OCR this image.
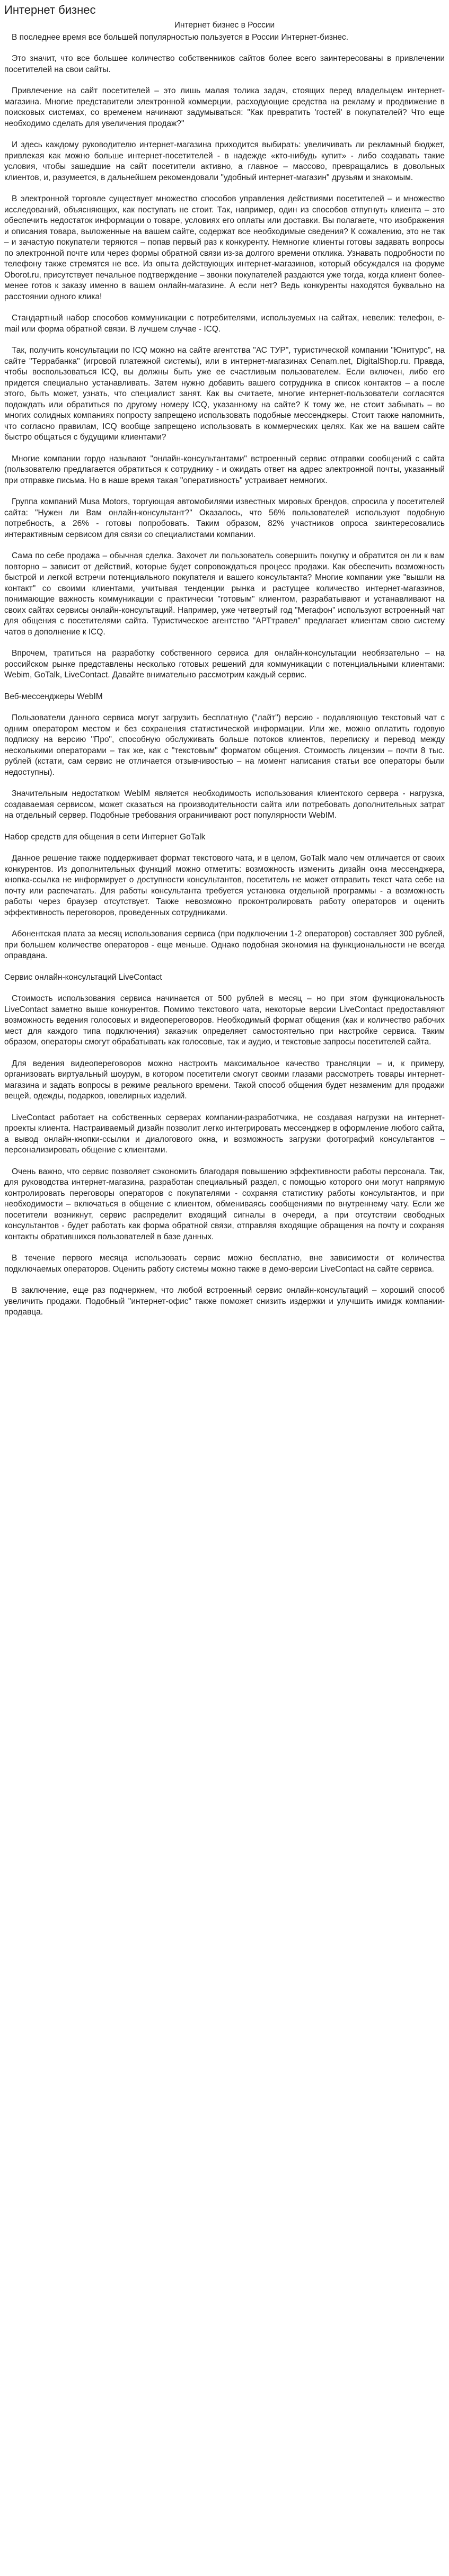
Интернет бизнес
Интернет бизнес в России

В последнее время все большей популярностью пользуется в России Интернет-бизнес.

Это значит, что все большее количество собственников сайтов более всего заинтересованы в привлечении посетителей на свои сайты.

Привлечение на сайт посетителей – это лишь малая толика задач, стоящих перед владельцем интернет-магазина. Многие представители электронной коммерции, расходующие средства на рекламу и продвижение в поисковых системах, со временем начинают задумываться: "Как превратить 'гостей' в покупателей? Что еще необходимо сделать для увеличения продаж?"

И здесь каждому руководителю интернет-магазина приходится выбирать: увеличивать ли рекламный бюджет, привлекая как можно больше интернет-посетителей - в надежде «кто-нибудь купит» - либо создавать такие условия, чтобы зашедшие на сайт посетители активно, а главное – массово, превращались в довольных клиентов, и, разумеется, в дальнейшем рекомендовали "удобный интернет-магазин" друзьям и знакомым.

В электронной торговле существует множество способов управления действиями посетителей – и множество исследований, объясняющих, как поступать не стоит. Так, например, один из способов отпугнуть клиента – это обеспечить недостаток информации о товаре, условиях его оплаты или доставки. Вы полагаете, что изображения и описания товара, выложенные на вашем сайте, содержат все необходимые сведения? К сожалению, это не так – и зачастую покупатели теряются – попав первый раз к конкуренту. Немногие клиенты готовы задавать вопросы по электронной почте или через формы обратной связи из-за долгого времени отклика. Узнавать подробности по телефону также стремятся не все. Из опыта действующих интернет-магазинов, который обсуждался на форуме Oborot.ru, присутствует печальное подтверждение – звонки покупателей раздаются уже тогда, когда клиент более-менее готов к заказу именно в вашем онлайн-магазине. А если нет? Ведь конкуренты находятся буквально на расстоянии одного клика!

Стандартный набор способов коммуникации с потребителями, используемых на сайтах, невелик: телефон, e-mail или форма обратной связи. В лучшем случае - ICQ.

Так, получить консультации по ICQ можно на сайте агентства "АС ТУР", туристической компании "Юнитурс", на сайте "Террабанка" (игровой платежной системы), или в интернет-магазинах Cenam.net, DigitalShop.ru. Правда, чтобы воспользоваться ICQ, вы должны быть уже ее счастливым пользователем. Если включен, либо его придется специально устанавливать. Затем нужно добавить вашего сотрудника в список контактов – а после этого, быть может, узнать, что специалист занят. Как вы считаете, многие интернет-пользователи согласятся подождать или обратиться по другому номеру ICQ, указанному на сайте? К тому же, не стоит забывать – во многих солидных компаниях попросту запрещено использовать подобные мессенджеры. Стоит также напомнить, что согласно правилам, ICQ вообще запрещено использовать в коммерческих целях. Как же на вашем сайте быстро общаться с будущими клиентами?

Многие компании гордо называют "онлайн-консультантами" встроенный сервис отправки сообщений с сайта (пользователю предлагается обратиться к сотруднику - и ожидать ответ на адрес электронной почты, указанный при отправке письма. Но в наше время такая "оперативность" устраивает немногих.

Группа компаний Musa Motors, торгующая автомобилями известных мировых брендов, спросила у посетителей сайта: "Нужен ли Вам онлайн-консультант?" Оказалось, что 56% пользователей используют подобную потребность, а 26% - готовы попробовать. Таким образом, 82% участников опроса заинтересовались интерактивным сервисом для связи со специалистами компании.

Сама по себе продажа – обычная сделка. Захочет ли пользователь совершить покупку и обратится он ли к вам повторно – зависит от действий, которые будет сопровождаться процесс продажи. Как обеспечить возможность быстрой и легкой встречи потенциального покупателя и вашего консультанта? Многие компании уже "вышли на контакт" со своими клиентами, учитывая тенденции рынка и растущее количество интернет-магазинов, понимающие важность коммуникации с практически "готовым" клиентом, разрабатывают и устанавливают на своих сайтах сервисы онлайн-консультаций. Например, уже четвертый год "Мегафон" используют встроенный чат для общения с посетителями сайта. Туристическое агентство "АРТтравел" предлагает клиентам свою систему чатов в дополнение к ICQ.

Впрочем, тратиться на разработку собственного сервиса для онлайн-консультации необязательно – на российском рынке представлены несколько готовых решений для коммуникации с потенциальными клиентами: Webim, GoTalk, LiveContact. Давайте внимательно рассмотрим каждый сервис.

Веб-мессенджеры WebIM

Пользователи данного сервиса могут загрузить бесплатную ("лайт") версию - подавляющую текстовый чат с одним оператором местом и без сохранения статистической информации. Или же, можно оплатить годовую подписку на версию "Про", способную обслуживать больше потоков клиентов, переписку и перевод между несколькими операторами – так же, как с "текстовым" форматом общения. Стоимость лицензии – почти 8 тыс. рублей (кстати, сам сервис не отличается отзывчивостью – на момент написания статьи все операторы были недоступны).

Значительным недостатком WebIM является необходимость использования клиентского сервера - нагрузка, создаваемая сервисом, может сказаться на производительности сайта или потребовать дополнительных затрат на отдельный сервер. Подобные требования ограничивают рост популярности WebIM.

Набор средств для общения в сети Интернет GoTalk

Данное решение также поддерживает формат текстового чата, и в целом, GoTalk мало чем отличается от своих конкурентов. Из дополнительных функций можно отметить: возможность изменить дизайн окна мессенджера, кнопка-ссылка не информирует о доступности консультантов, посетитель не может отправить текст чата себе на почту или распечатать. Для работы консультанта требуется установка отдельной программы - а возможность работы через браузер отсутствует. Также невозможно проконтролировать работу операторов и оценить эффективность переговоров, проведенных сотрудниками.

Абонентская плата за месяц использования сервиса (при подключении 1-2 операторов) составляет 300 рублей, при большем количестве операторов - еще меньше. Однако подобная экономия на функциональности не всегда оправдана.

Сервис онлайн-консультаций LiveContact

Стоимость использования сервиса начинается от 500 рублей в месяц – но при этом функциональность LiveContact заметно выше конкурентов. Помимо текстового чата, некоторые версии LiveContact предоставляют возможность ведения голосовых и видеопереговоров. Необходимый формат общения (как и количество рабочих мест для каждого типа подключения) заказчик определяет самостоятельно при настройке сервиса. Таким образом, операторы смогут обрабатывать как голосовые, так и аудио, и текстовые запросы посетителей сайта.

Для ведения видеопереговоров можно настроить максимальное качество трансляции – и, к примеру, организовать виртуальный шоурум, в котором посетители смогут своими глазами рассмотреть товары интернет-магазина и задать вопросы в режиме реального времени. Такой способ общения будет незаменим для продажи вещей, одежды, подарков, ювелирных изделий.

LiveContact работает на собственных серверах компании-разработчика, не создавая нагрузки на интернет-проекты клиента. Настраиваемый дизайн позволит легко интегрировать мессенджер в оформление любого сайта, а вывод онлайн-кнопки-ссылки и диалогового окна, и возможность загрузки фотографий консультантов – персонализировать общение с клиентами.

Очень важно, что сервис позволяет сэкономить благодаря повышению эффективности работы персонала. Так, для руководства интернет-магазина, разработан специальный раздел, с помощью которого они могут напрямую контролировать переговоры операторов с покупателями - сохраняя статистику работы консультантов, и при необходимости – включаться в общение с клиентом, обмениваясь сообщениями по внутреннему чату. Если же посетители возникнут, сервис распределит входящий сигналы в очереди, а при отсутствии свободных консультантов - будет работать как форма обратной связи, отправляя входящие обращения на почту и сохраняя контакты обратившихся пользователей в базе данных.

В течение первого месяца использовать сервис можно бесплатно, вне зависимости от количества подключаемых операторов. Оценить работу системы можно также в демо-версии LiveContact на сайте сервиса.

В заключение, еще раз подчеркнем, что любой встроенный сервис онлайн-консультаций – хороший способ увеличить продажи. Подобный "интернет-офис" также поможет снизить издержки и улучшить имидж компании-продавца.
